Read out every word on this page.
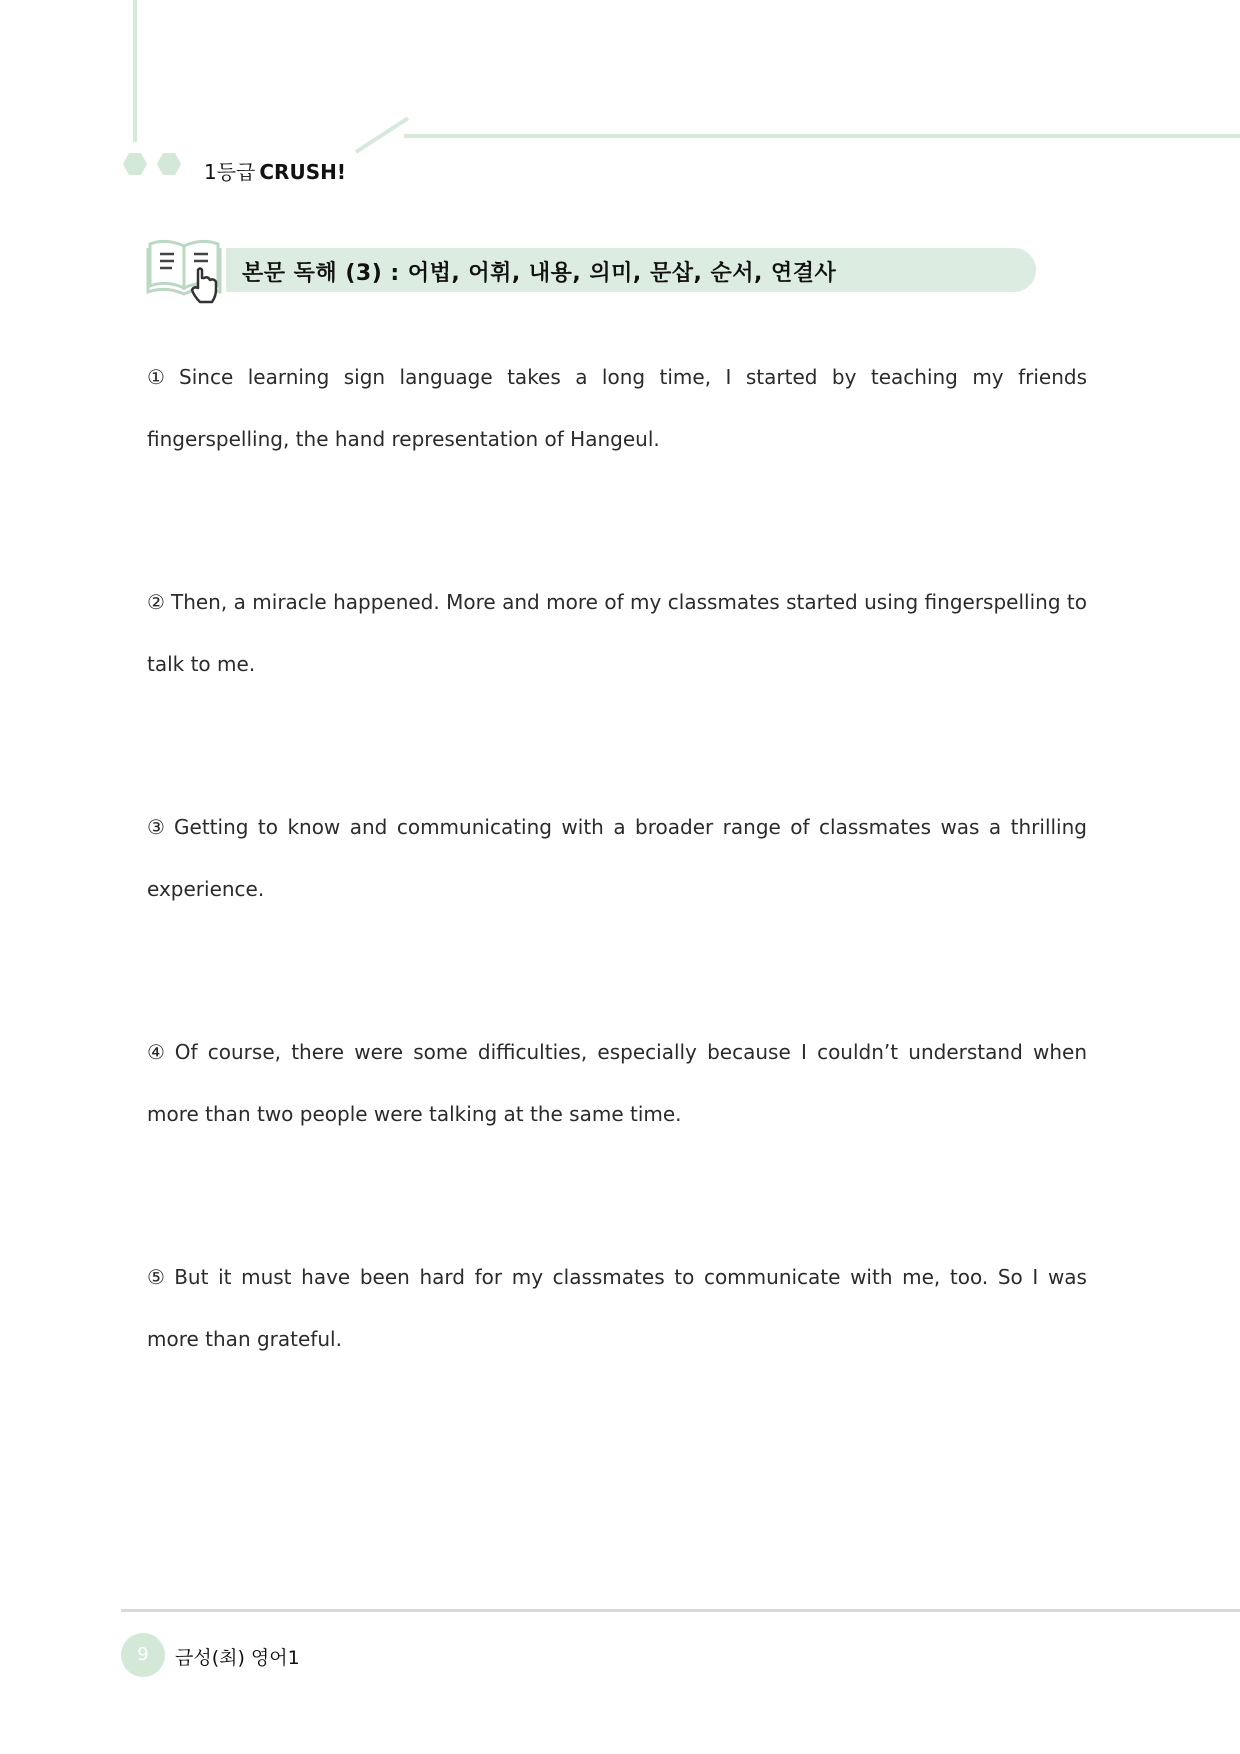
1등급 CRUSH!
본문 독해 (3) : 어법, 어휘, 내용, 의미, 문삽, 순서, 연결사

① Since learning sign language takes a long time, I started by teaching my friends fingerspelling, the hand representation of Hangeul.

② Then, a miracle happened. More and more of my classmates started using fingerspelling to talk to me.

③ Getting to know and communicating with a broader range of classmates was a thrilling experience.

④ Of course, there were some difficulties, especially because I couldn’t understand when more than two people were talking at the same time.

⑤ But it must have been hard for my classmates to communicate with me, too. So I was more than grateful.

9	금성(최) 영어1
